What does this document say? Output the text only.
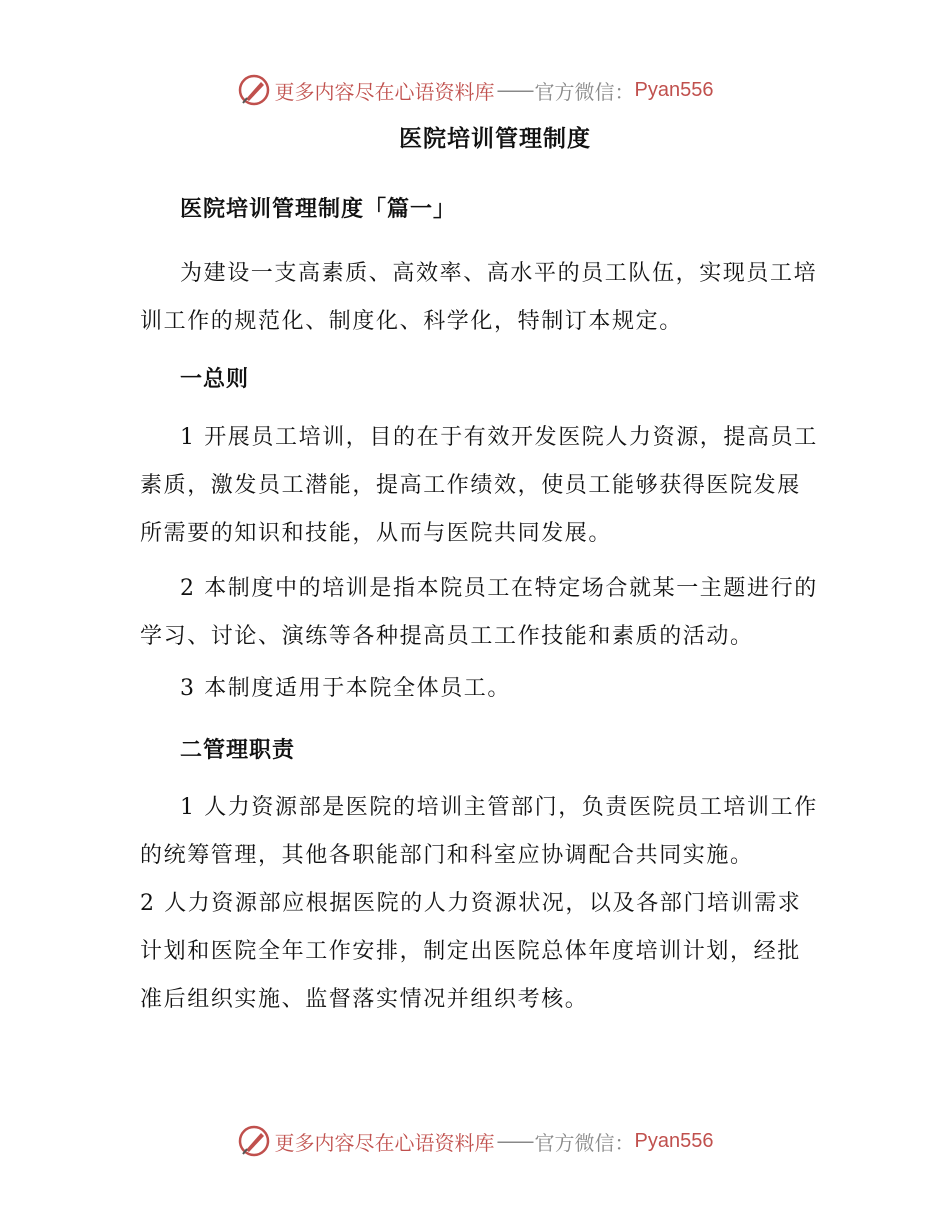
更多内容尽在心语资料库 —— 官方微信： Pyan556
医院培训管理制度
医院培训管理制度「篇一」
为建设一支高素质、高效率、高水平的员工队伍，实现员工培训工作的规范化、制度化、科学化，特制订本规定。
一总则
1 开展员工培训，目的在于有效开发医院人力资源，提高员工素质，激发员工潜能，提高工作绩效，使员工能够获得医院发展所需要的知识和技能，从而与医院共同发展。
2 本制度中的培训是指本院员工在特定场合就某一主题进行的学习、讨论、演练等各种提高员工工作技能和素质的活动。
3 本制度适用于本院全体员工。
二管理职责
1 人力资源部是医院的培训主管部门，负责医院员工培训工作的统筹管理，其他各职能部门和科室应协调配合共同实施。
2 人力资源部应根据医院的人力资源状况，以及各部门培训需求计划和医院全年工作安排，制定出医院总体年度培训计划，经批准后组织实施、监督落实情况并组织考核。
更多内容尽在心语资料库 —— 官方微信： Pyan556
